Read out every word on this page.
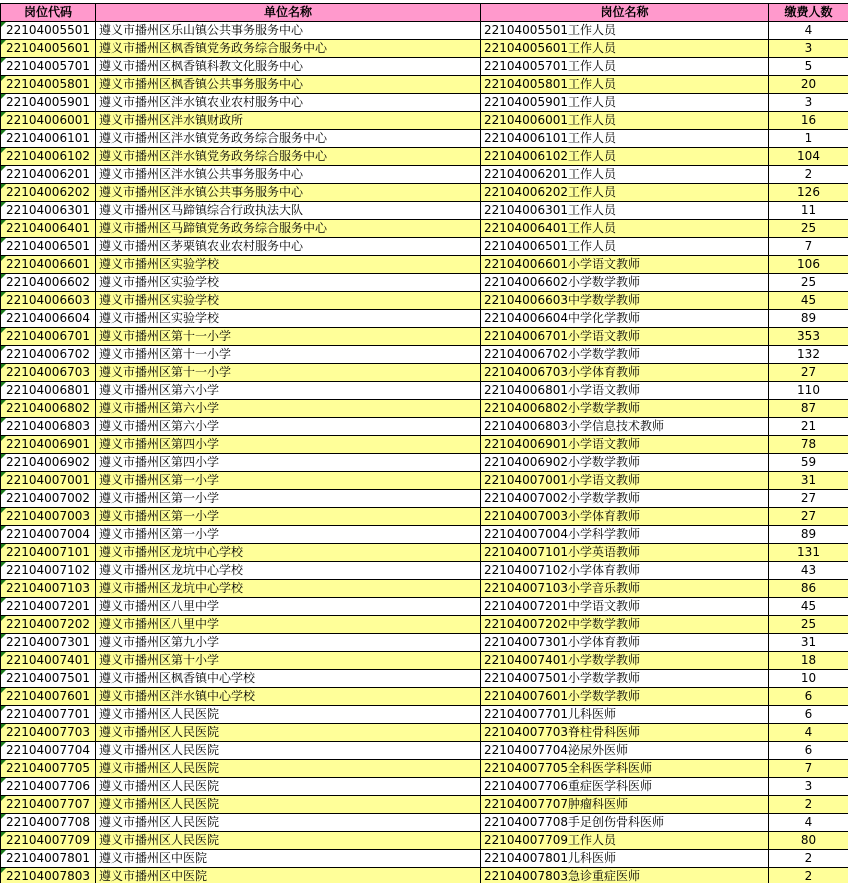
岗位代码	单位名称	岗位名称	缴费人数
22104005501	遵义市播州区乐山镇公共事务服务中心	22104005501工作人员	4
22104005601	遵义市播州区枫香镇党务政务综合服务中心	22104005601工作人员	3
22104005701	遵义市播州区枫香镇科教文化服务中心	22104005701工作人员	5
22104005801	遵义市播州区枫香镇公共事务服务中心	22104005801工作人员	20
22104005901	遵义市播州区泮水镇农业农村服务中心	22104005901工作人员	3
22104006001	遵义市播州区泮水镇财政所	22104006001工作人员	16
22104006101	遵义市播州区泮水镇党务政务综合服务中心	22104006101工作人员	1
22104006102	遵义市播州区泮水镇党务政务综合服务中心	22104006102工作人员	104
22104006201	遵义市播州区泮水镇公共事务服务中心	22104006201工作人员	2
22104006202	遵义市播州区泮水镇公共事务服务中心	22104006202工作人员	126
22104006301	遵义市播州区马蹄镇综合行政执法大队	22104006301工作人员	11
22104006401	遵义市播州区马蹄镇党务政务综合服务中心	22104006401工作人员	25
22104006501	遵义市播州区茅栗镇农业农村服务中心	22104006501工作人员	7
22104006601	遵义市播州区实验学校	22104006601小学语文教师	106
22104006602	遵义市播州区实验学校	22104006602小学数学教师	25
22104006603	遵义市播州区实验学校	22104006603中学数学教师	45
22104006604	遵义市播州区实验学校	22104006604中学化学教师	89
22104006701	遵义市播州区第十一小学	22104006701小学语文教师	353
22104006702	遵义市播州区第十一小学	22104006702小学数学教师	132
22104006703	遵义市播州区第十一小学	22104006703小学体育教师	27
22104006801	遵义市播州区第六小学	22104006801小学语文教师	110
22104006802	遵义市播州区第六小学	22104006802小学数学教师	87
22104006803	遵义市播州区第六小学	22104006803小学信息技术教师	21
22104006901	遵义市播州区第四小学	22104006901小学语文教师	78
22104006902	遵义市播州区第四小学	22104006902小学数学教师	59
22104007001	遵义市播州区第一小学	22104007001小学语文教师	31
22104007002	遵义市播州区第一小学	22104007002小学数学教师	27
22104007003	遵义市播州区第一小学	22104007003小学体育教师	27
22104007004	遵义市播州区第一小学	22104007004小学科学教师	89
22104007101	遵义市播州区龙坑中心学校	22104007101小学英语教师	131
22104007102	遵义市播州区龙坑中心学校	22104007102小学体育教师	43
22104007103	遵义市播州区龙坑中心学校	22104007103小学音乐教师	86
22104007201	遵义市播州区八里中学	22104007201中学语文教师	45
22104007202	遵义市播州区八里中学	22104007202中学数学教师	25
22104007301	遵义市播州区第九小学	22104007301小学体育教师	31
22104007401	遵义市播州区第十小学	22104007401小学数学教师	18
22104007501	遵义市播州区枫香镇中心学校	22104007501小学数学教师	10
22104007601	遵义市播州区泮水镇中心学校	22104007601小学数学教师	6
22104007701	遵义市播州区人民医院	22104007701儿科医师	6
22104007703	遵义市播州区人民医院	22104007703脊柱骨科医师	4
22104007704	遵义市播州区人民医院	22104007704泌尿外医师	6
22104007705	遵义市播州区人民医院	22104007705全科医学科医师	7
22104007706	遵义市播州区人民医院	22104007706重症医学科医师	3
22104007707	遵义市播州区人民医院	22104007707肿瘤科医师	2
22104007708	遵义市播州区人民医院	22104007708手足创伤骨科医师	4
22104007709	遵义市播州区人民医院	22104007709工作人员	80
22104007801	遵义市播州区中医院	22104007801儿科医师	2
22104007803	遵义市播州区中医院	22104007803急诊重症医师	2
